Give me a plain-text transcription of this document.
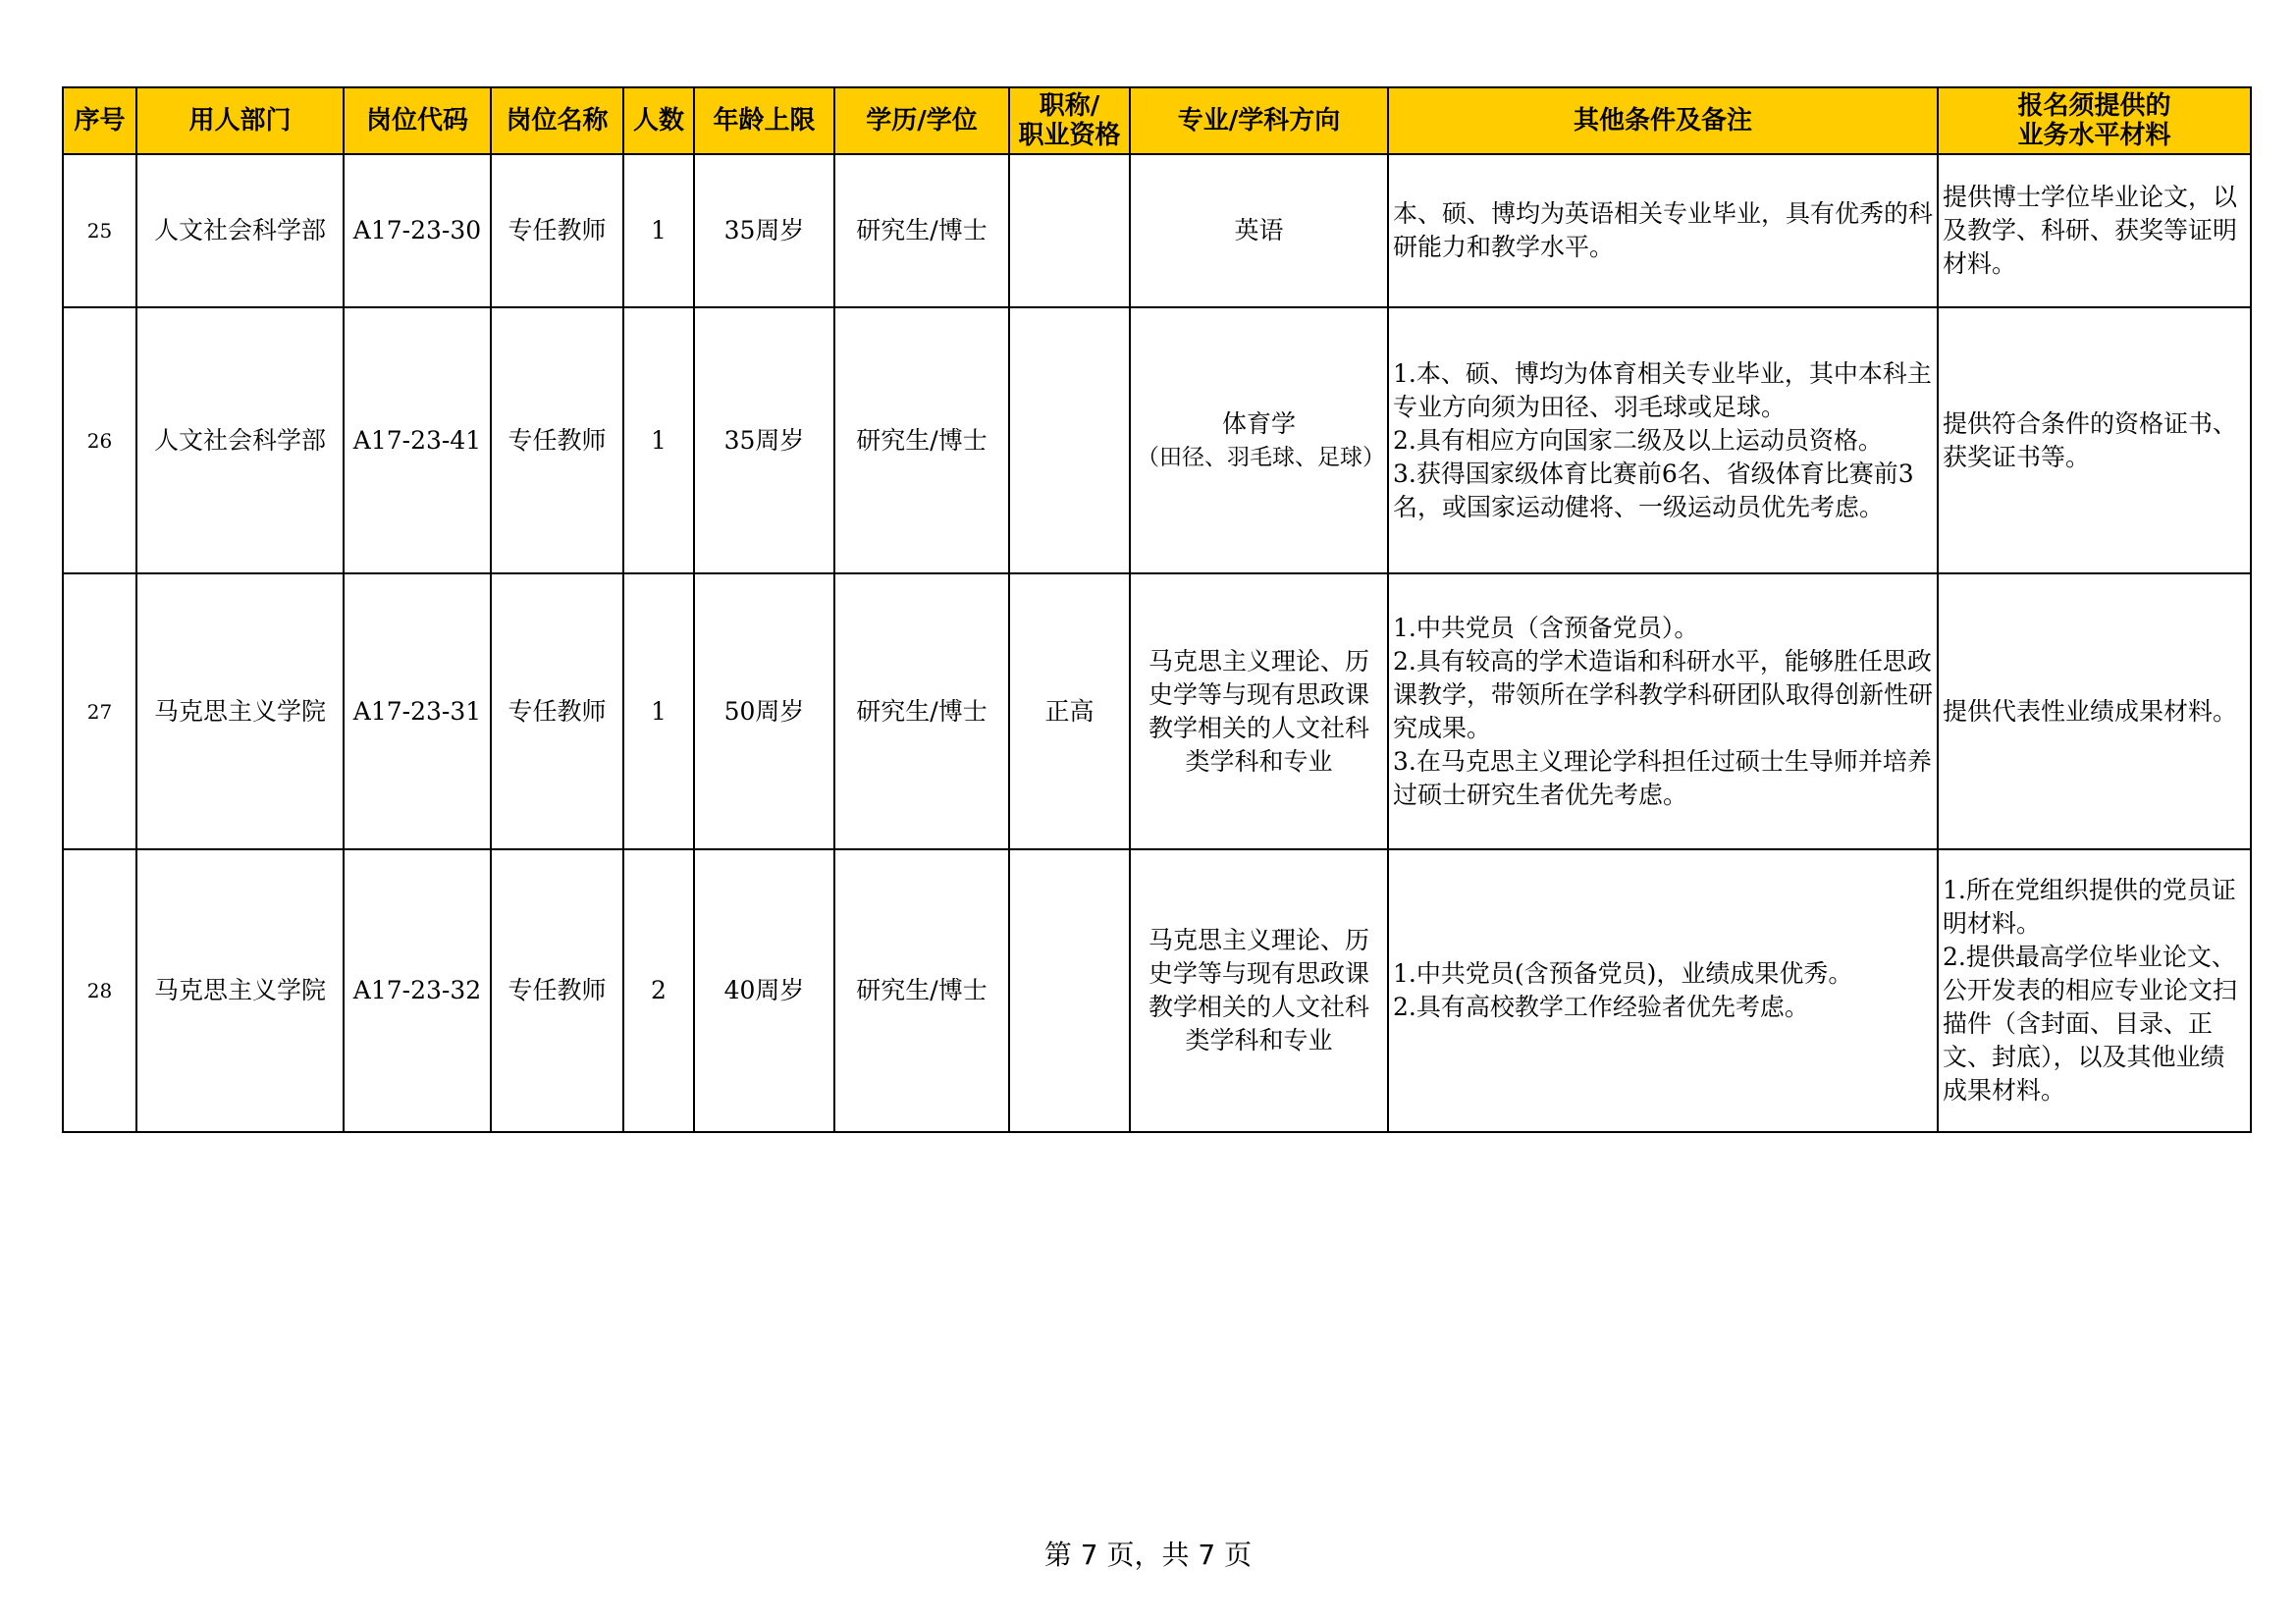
序号	用人部门	岗位代码	岗位名称	人数	年龄上限	学历/学位	职称/
职业资格	专业/学科方向	其他条件及备注	报名须提供的
业务水平材料

25	人文社会科学部	A17-23-30	专任教师	1	35周岁	研究生/博士		英语	本、硕、博均为英语相关专业毕业，具有优秀的科研能力和教学水平。	提供博士学位毕业论文，以及教学、科研、获奖等证明材料。

26	人文社会科学部	A17-23-41	专任教师	1	35周岁	研究生/博士		体育学
（田径、羽毛球、足球）	1.本、硕、博均为体育相关专业毕业，其中本科主专业方向须为田径、羽毛球或足球。
2.具有相应方向国家二级及以上运动员资格。
3.获得国家级体育比赛前6名、省级体育比赛前3名，或国家运动健将、一级运动员优先考虑。	提供符合条件的资格证书、获奖证书等。

27	马克思主义学院	A17-23-31	专任教师	1	50周岁	研究生/博士	正高	马克思主义理论、历史学等与现有思政课教学相关的人文社科类学科和专业	1.中共党员（含预备党员）。
2.具有较高的学术造诣和科研水平，能够胜任思政课教学，带领所在学科教学科研团队取得创新性研究成果。
3.在马克思主义理论学科担任过硕士生导师并培养过硕士研究生者优先考虑。	提供代表性业绩成果材料。

28	马克思主义学院	A17-23-32	专任教师	2	40周岁	研究生/博士		马克思主义理论、历史学等与现有思政课教学相关的人文社科类学科和专业	1.中共党员(含预备党员)，业绩成果优秀。
2.具有高校教学工作经验者优先考虑。	1.所在党组织提供的党员证明材料。
2.提供最高学位毕业论文、公开发表的相应专业论文扫描件（含封面、目录、正文、封底），以及其他业绩成果材料。
第 7 页，共 7 页
